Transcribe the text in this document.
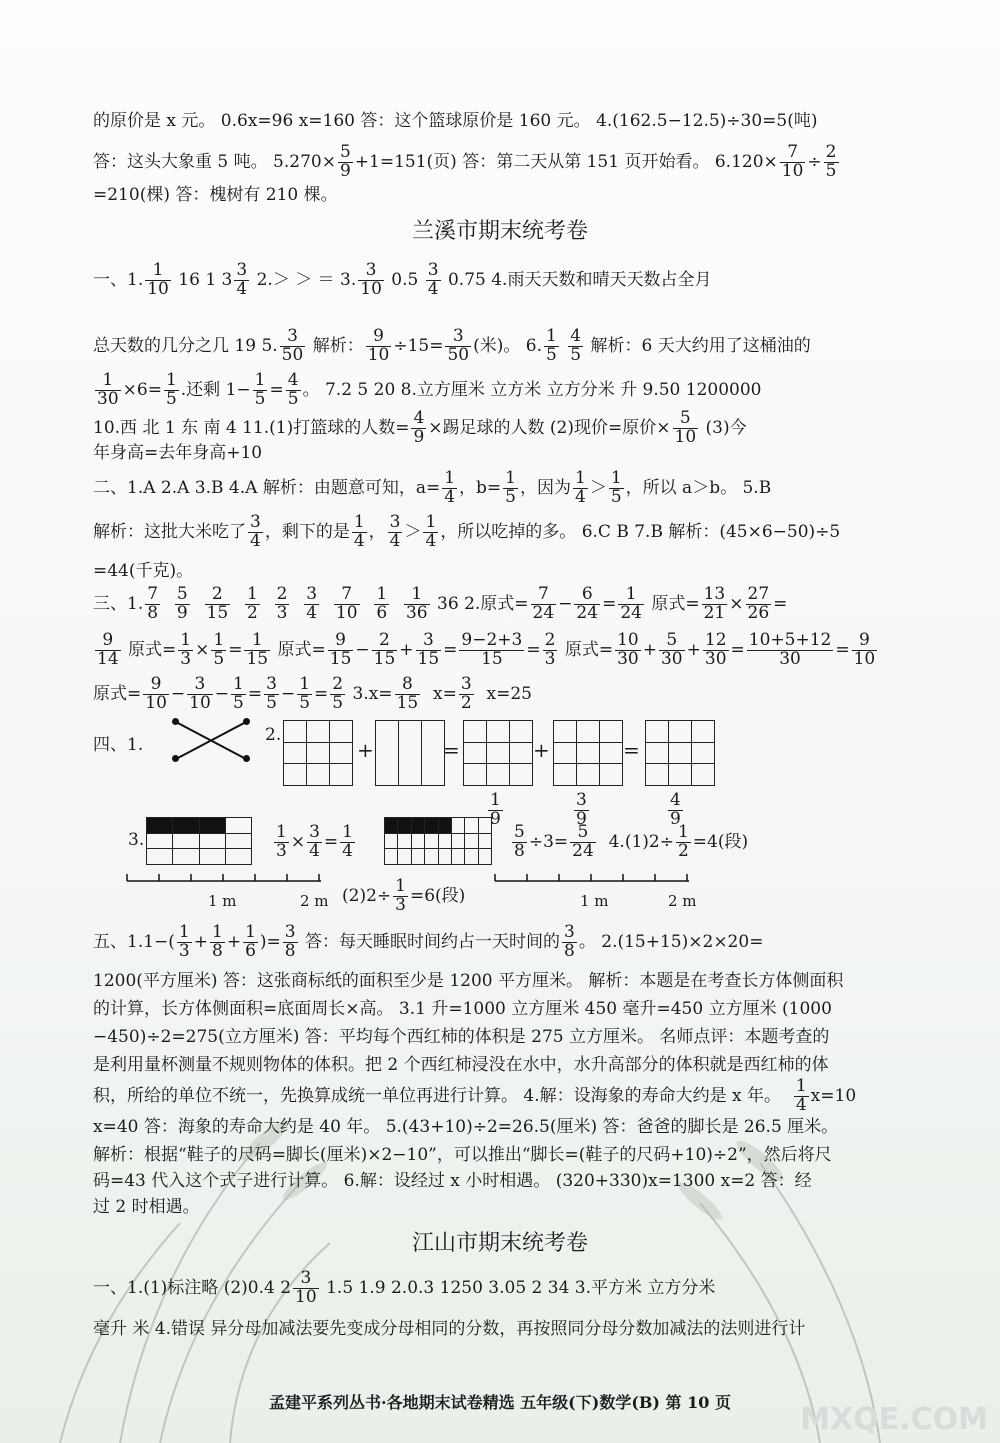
的原价是 x 元。 0.6x=96 x=160 答：这个篮球原价是 160 元。 4.(162.5−12.5)÷30=5(吨)
答：这头大象重 5 吨。 $5.270\times \frac{5}{9} +1=151$(页) 答：第二天从第 151 页开始看。 $6.120\times \frac{7}{10} \div \frac{2}{5}$
=210(棵) 答：槐树有 210 棵。
兰溪市期末统考卷
一、1. $\frac{1}{10} 16$ 1 $3 \frac{3}{4} 2.>$ ＞ ＝ 3. $\frac{3}{10} 0.5 \frac{3}{4} 0.75$ 4.雨天天数和晴天天数占全月
总天数的几分之几 19 5. $\frac{3}{50}$ 解析： $\frac{9}{10} \div 15= \frac{3}{50}$ (米)。 6. $\frac{1}{5}$
$\frac{4}{5}$ 解析：6 天大约用了这桶油的
$\frac{1}{30} \times 6= \frac{1}{5}$ .还剩 $1- \frac{1}{5} = \frac{4}{5}$ 。 7.2 5 20 8.立方厘米 立方米 立方分米 升 9.50 1200000
10.西 北 1 东 南 4 11.(1)打篮球的人数= $\frac{4}{9}$ ×踢足球的人数 (2)现价=原价× $\frac{5}{10} (3)$今
年身高=去年身高+10
二、1.A 2.A 3.B 4.A 解析：由题意可知，$a= \frac{1}{4}$ ，$b= \frac{1}{5}$ ，因为 $\frac{1}{4} > \frac{1}{5}$ ，所以 a＞b。 5.B
解析：这批大米吃了 $\frac{3}{4}$ ，剩下的是 $\frac{1}{4}$ ， $\frac{3}{4} > \frac{1}{4}$ ，所以吃掉的多。 6.C B 7.B 解析：(45×6−50)÷5
=44(千克)。
三、1. $\frac{7}{8}$
$\frac{5}{9}$
$\frac{2}{15}$
$\frac{1}{2}$
$\frac{2}{3}$
$\frac{3}{4}$
$\frac{7}{10}$
$\frac{1}{6}$
$\frac{1}{36} 36$ 2.原式= $\frac{7}{24} - \frac{6}{24} = \frac{1}{24}$ 原式= $\frac{13}{21} \times \frac{27}{26}$ =
$\frac{9}{14}$ 原式= $\frac{1}{3} \times \frac{1}{5} = \frac{1}{15}$ 原式= $\frac{9}{15} - \frac{2}{15} + \frac{3}{15} = \frac{9-2+3}{15} = \frac{2}{3}$ 原式= $\frac{10}{30} + \frac{5}{30} + \frac{12}{30} = \frac{10+5+12}{30} = \frac{9}{10}$
原式= $\frac{9}{10} - \frac{3}{10} - \frac{1}{5} = \frac{3}{5} - \frac{1}{5} = \frac{2}{5} 3.x= \frac{8}{15} x= \frac{3}{2} x=25$
四、1.	2.

+
			=

			+

			=

$\frac{1}{9}$	$\frac{3}{9}$	$\frac{4}{9}$
3.

				$\frac{1}{3} \times \frac{3}{4} = \frac{1}{4}$

								$\frac{5}{8} \div 3= \frac{5}{24} 4.(1)2\div \frac{1}{2} =4$(段)
1 m	2 m $(2)2\div \frac{1}{3} =6$(段)	1 m	2 m
五、$1.1-( \frac{1}{3} + \frac{1}{8} + \frac{1}{6}$ )= $\frac{3}{8}$ 答：每天睡眠时间约占一天时间的 $\frac{3}{8}$ 。 2.(15+15)×2×20=
1200(平方厘米) 答：这张商标纸的面积至少是 1200 平方厘米。 解析：本题是在考查长方体侧面积
的计算，长方体侧面积=底面周长×高。 3.1 升=1000 立方厘米 450 毫升=450 立方厘米 (1000
−450)÷2=275(立方厘米) 答：平均每个西红柿的体积是 275 立方厘米。 名师点评：本题考查的
是利用量杯测量不规则物体的体积。把 2 个西红柿浸没在水中，水升高部分的体积就是西红柿的体
积，所给的单位不统一，先换算成统一单位再进行计算。 4.解：设海象的寿命大约是 x 年。 $\frac{1}{4} x=10$
x=40 答：海象的寿命大约是 40 年。 5.(43+10)÷2=26.5(厘米) 答：爸爸的脚长是 26.5 厘米。
解析：根据“鞋子的尺码=脚长(厘米)×2−10”，可以推出“脚长=(鞋子的尺码+10)÷2”，然后将尺
码=43 代入这个式子进行计算。 6.解：设经过 x 小时相遇。 (320+330)x=1300 x=2 答：经
过 2 时相遇。
江山市期末统考卷
一、1.(1)标注略 (2)0.4 $2 \frac{3}{10} 1.5$ 1.9 2.0.3 1250 3.05 2 34 3.平方米 立方分米
毫升 米 4.错误 异分母加减法要先变成分母相同的分数，再按照同分母分数加减法的法则进行计
孟建平系列丛书·各地期末试卷精选 五年级(下)数学(B) 第 10 页	MXQE.COM
